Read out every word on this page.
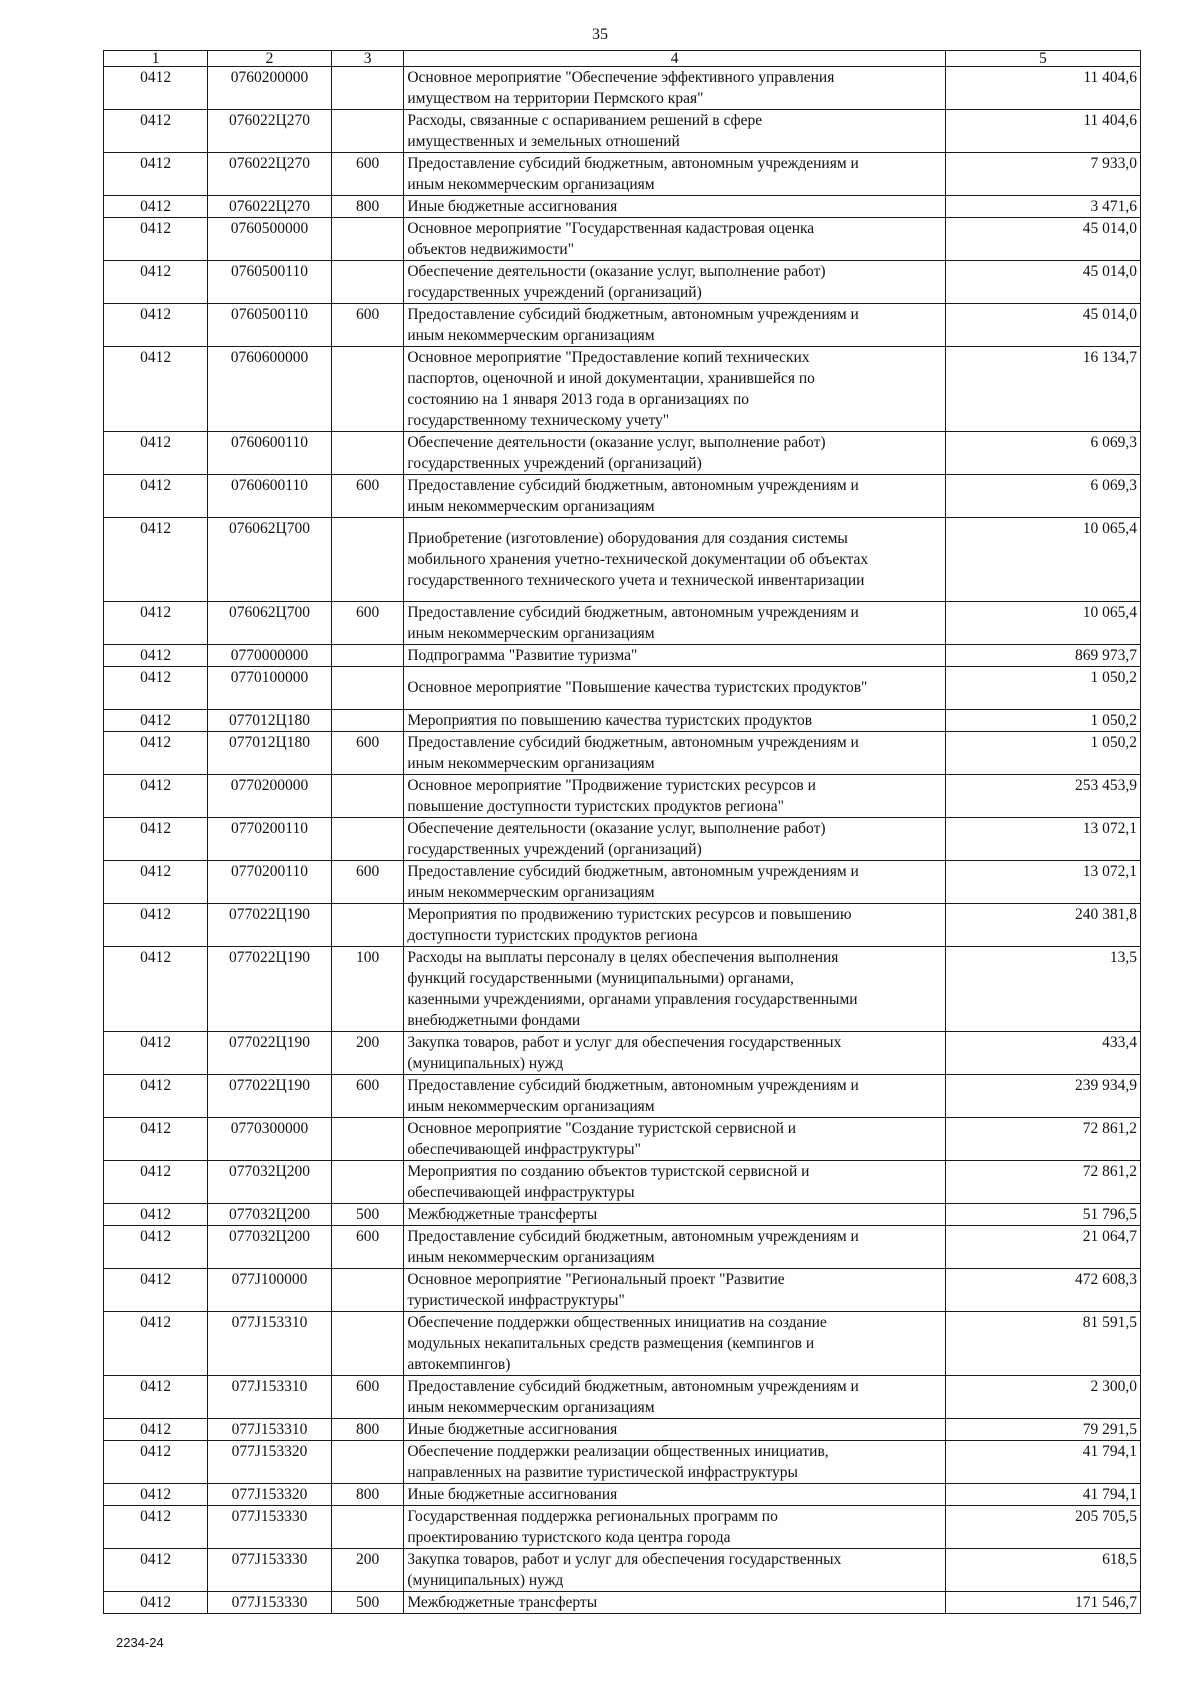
35
1	2	3	4	5
0412	0760200000		Основное мероприятие "Обеспечение эффективного управления
имуществом на территории Пермского края"	11 404,6
0412	076022Ц270		Расходы, связанные с оспариванием решений в сфере
имущественных и земельных отношений	11 404,6
0412	076022Ц270	600	Предоставление субсидий бюджетным, автономным учреждениям и
иным некоммерческим организациям	7 933,0
0412	076022Ц270	800	Иные бюджетные ассигнования	3 471,6
0412	0760500000		Основное мероприятие "Государственная кадастровая оценка
объектов недвижимости"	45 014,0
0412	0760500110		Обеспечение деятельности (оказание услуг, выполнение работ)
государственных учреждений (организаций)	45 014,0
0412	0760500110	600	Предоставление субсидий бюджетным, автономным учреждениям и
иным некоммерческим организациям	45 014,0
0412	0760600000		Основное мероприятие "Предоставление копий технических
паспортов, оценочной и иной документации, хранившейся по
состоянию на 1 января 2013 года в организациях по
государственному техническому учету"	16 134,7
0412	0760600110		Обеспечение деятельности (оказание услуг, выполнение работ)
государственных учреждений (организаций)	6 069,3
0412	0760600110	600	Предоставление субсидий бюджетным, автономным учреждениям и
иным некоммерческим организациям	6 069,3
0412	076062Ц700		Приобретение (изготовление) оборудования для создания системы
мобильного хранения учетно-технической документации об объектах
государственного технического учета и технической инвентаризации	10 065,4
0412	076062Ц700	600	Предоставление субсидий бюджетным, автономным учреждениям и
иным некоммерческим организациям	10 065,4
0412	0770000000		Подпрограмма "Развитие туризма"	869 973,7
0412	0770100000		Основное мероприятие "Повышение качества туристских продуктов"	1 050,2
0412	077012Ц180		Мероприятия по повышению качества туристских продуктов	1 050,2
0412	077012Ц180	600	Предоставление субсидий бюджетным, автономным учреждениям и
иным некоммерческим организациям	1 050,2
0412	0770200000		Основное мероприятие "Продвижение туристских ресурсов и
повышение доступности туристских продуктов региона"	253 453,9
0412	0770200110		Обеспечение деятельности (оказание услуг, выполнение работ)
государственных учреждений (организаций)	13 072,1
0412	0770200110	600	Предоставление субсидий бюджетным, автономным учреждениям и
иным некоммерческим организациям	13 072,1
0412	077022Ц190		Мероприятия по продвижению туристских ресурсов и повышению
доступности туристских продуктов региона	240 381,8
0412	077022Ц190	100	Расходы на выплаты персоналу в целях обеспечения выполнения
функций государственными (муниципальными) органами,
казенными учреждениями, органами управления государственными
внебюджетными фондами	13,5
0412	077022Ц190	200	Закупка товаров, работ и услуг для обеспечения государственных
(муниципальных) нужд	433,4
0412	077022Ц190	600	Предоставление субсидий бюджетным, автономным учреждениям и
иным некоммерческим организациям	239 934,9
0412	0770300000		Основное мероприятие "Создание туристской сервисной и
обеспечивающей инфраструктуры"	72 861,2
0412	077032Ц200		Мероприятия по созданию объектов туристской сервисной и
обеспечивающей инфраструктуры	72 861,2
0412	077032Ц200	500	Межбюджетные трансферты	51 796,5
0412	077032Ц200	600	Предоставление субсидий бюджетным, автономным учреждениям и
иным некоммерческим организациям	21 064,7
0412	077J100000		Основное мероприятие "Региональный проект "Развитие
туристической инфраструктуры"	472 608,3
0412	077J153310		Обеспечение поддержки общественных инициатив на создание
модульных некапитальных средств размещения (кемпингов и
автокемпингов)	81 591,5
0412	077J153310	600	Предоставление субсидий бюджетным, автономным учреждениям и
иным некоммерческим организациям	2 300,0
0412	077J153310	800	Иные бюджетные ассигнования	79 291,5
0412	077J153320		Обеспечение поддержки реализации общественных инициатив,
направленных на развитие туристической инфраструктуры	41 794,1
0412	077J153320	800	Иные бюджетные ассигнования	41 794,1
0412	077J153330		Государственная поддержка региональных программ по
проектированию туристского кода центра города	205 705,5
0412	077J153330	200	Закупка товаров, работ и услуг для обеспечения государственных
(муниципальных) нужд	618,5
0412	077J153330	500	Межбюджетные трансферты	171 546,7
2234-24
